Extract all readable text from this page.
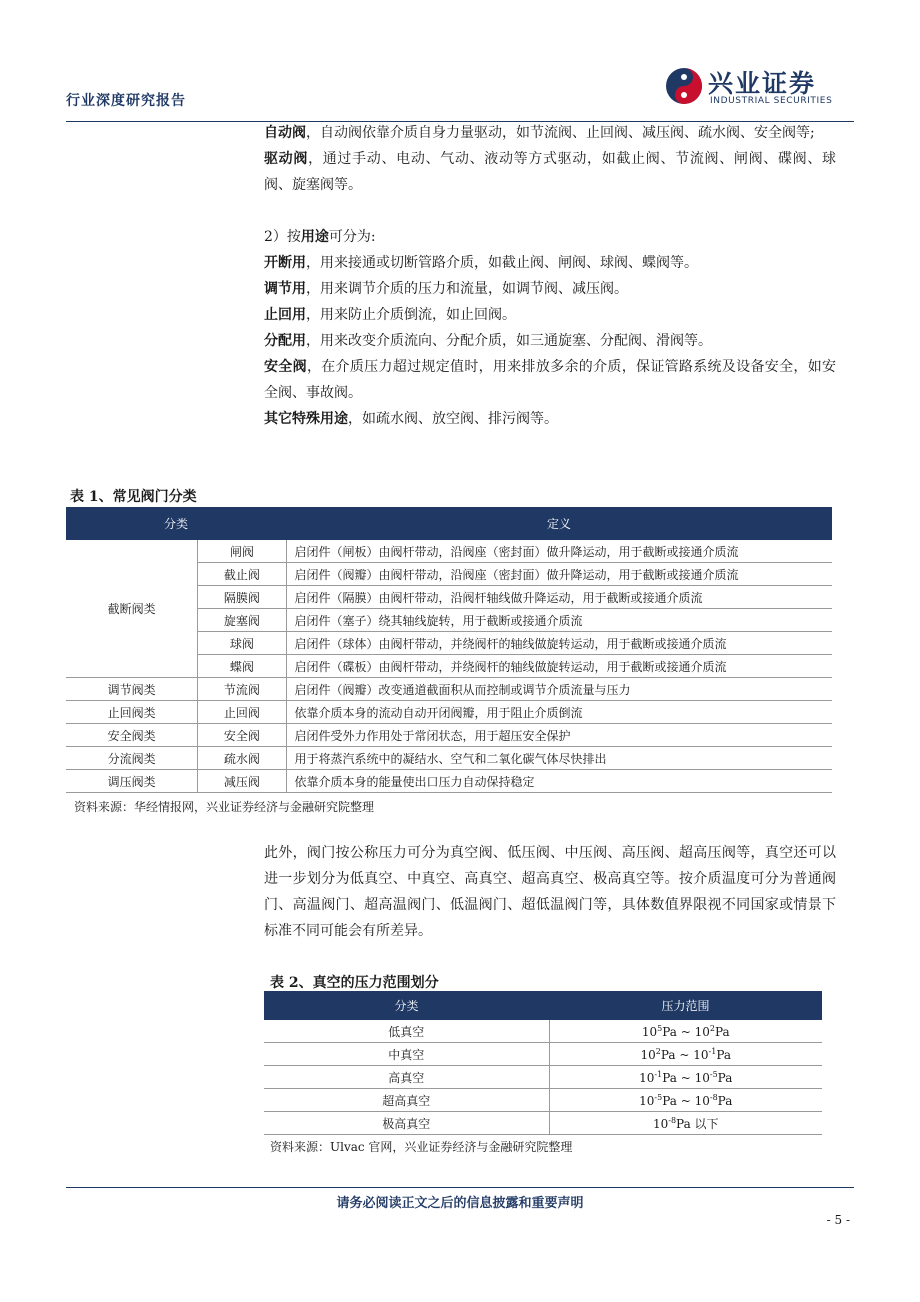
行业深度研究报告
兴业证券
INDUSTRIAL SECURITIES

自动阀，自动阀依靠介质自身力量驱动，如节流阀、止回阀、减压阀、疏水阀、安全阀等;

驱动阀，通过手动、电动、气动、液动等方式驱动，如截止阀、节流阀、闸阀、碟阀、球阀、旋塞阀等。

2）按用途可分为:

开断用，用来接通或切断管路介质，如截止阀、闸阀、球阀、蝶阀等。

调节用，用来调节介质的压力和流量，如调节阀、减压阀。

止回用，用来防止介质倒流，如止回阀。

分配用，用来改变介质流向、分配介质，如三通旋塞、分配阀、滑阀等。

安全阀，在介质压力超过规定值时，用来排放多余的介质，保证管路系统及设备安全，如安全阀、事故阀。

其它特殊用途，如疏水阀、放空阀、排污阀等。

表 1、常见阀门分类
分类		定义
截断阀类	闸阀	启闭件（闸板）由阀杆带动，沿阀座（密封面）做升降运动，用于截断或接通介质流
	截止阀	启闭件（阀瓣）由阀杆带动，沿阀座（密封面）做升降运动，用于截断或接通介质流
	隔膜阀	启闭件（隔膜）由阀杆带动，沿阀杆轴线做升降运动，用于截断或接通介质流
	旋塞阀	启闭件（塞子）绕其轴线旋转，用于截断或接通介质流
	球阀	启闭件（球体）由阀杆带动，并绕阀杆的轴线做旋转运动，用于截断或接通介质流
	蝶阀	启闭件（碟板）由阀杆带动，并绕阀杆的轴线做旋转运动，用于截断或接通介质流
调节阀类	节流阀	启闭件（阀瓣）改变通道截面积从而控制或调节介质流量与压力
止回阀类	止回阀	依靠介质本身的流动自动开闭阀瓣，用于阻止介质倒流
安全阀类	安全阀	启闭件受外力作用处于常闭状态，用于超压安全保护
分流阀类	疏水阀	用于将蒸汽系统中的凝结水、空气和二氧化碳气体尽快排出
调压阀类	减压阀	依靠介质本身的能量使出口压力自动保持稳定
资料来源：华经情报网，兴业证券经济与金融研究院整理

此外，阀门按公称压力可分为真空阀、低压阀、中压阀、高压阀、超高压阀等，真空还可以进一步划分为低真空、中真空、高真空、超高真空、极高真空等。按介质温度可分为普通阀门、高温阀门、超高温阀门、低温阀门、超低温阀门等，具体数值界限视不同国家或情景下标准不同可能会有所差异。

表 2、真空的压力范围划分
分类	压力范围
低真空	$10^5Pa$ ~ $10^2Pa$
中真空	$10^2Pa$ ~ $10^{-1}Pa$
高真空	$10^{-1}Pa$ ~ $10^{-5}Pa$
超高真空	$10^{-5}Pa$ ~ $10^{-8}Pa$
极高真空	$10^{-8}Pa$ 以下
资料来源：Ulvac 官网，兴业证券经济与金融研究院整理
请务必阅读正文之后的信息披露和重要声明
- 5 -
